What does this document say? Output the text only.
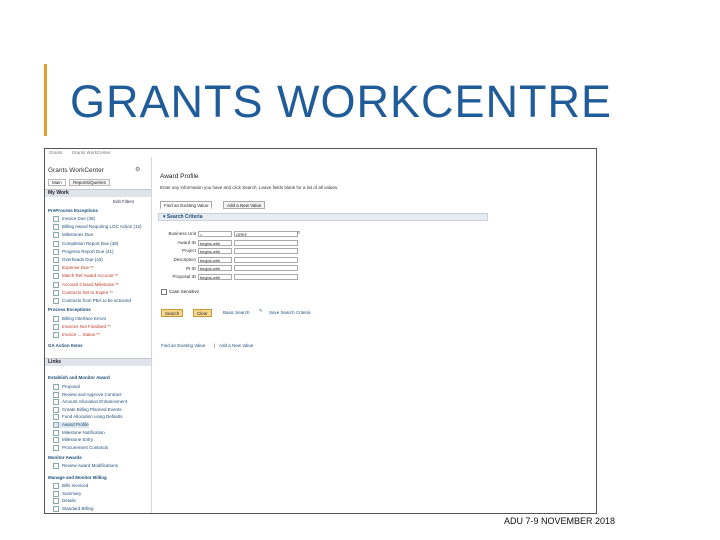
GRANTS WORKCENTRE
Grants Grants WorkCenter
Grants WorkCenter	⚙
Main	Reports/Queries
My Work
Edit Filters
PreProcess Exceptions
Invoice Due (39)
Billing Award Requiring LOC Action (12)
Milestones Due
Completion Report Due (48)
Progress Report Due (41)
Overheads Due (43)
Expense Due **
Match Ref Award Account **
Account Closed Milestone **
Contracts Set to Expire **
Contracts from PBA to be actioned
Process Exceptions
Billing Interface Errors
Invoices Not Finalised **
Invoice ... Status **
GA Action Items
Links
Establish and Monitor Award
Proposal
Review and Approve Contract
Amount Allocation Enhancement
Create Billing Planned Events
Fund Allocation using Defaults
Award Profile
Milestone Notification
Milestone Entry
Procurement Contracts
Monitor Awards
Review Award Modifications
Manage and Monitor Billing
Bills Invoiced
Summary
Details
Standard Billing
Award Profile
Enter any information you have and click Search. Leave fields blank for a list of all values.
Find an Existing Value	Add a New Value
▾ Search Criteria
Business Unit =	GREF	⌕
Award ID begins with
Project begins with
Description begins with
PI ID begins with
Proposal ID begins with
Case Sensitive
Search	Clear	Basic Search ✎ Save Search Criteria
Find an Existing Value | Add a New Value
ADU 7-9 NOVEMBER 2018
